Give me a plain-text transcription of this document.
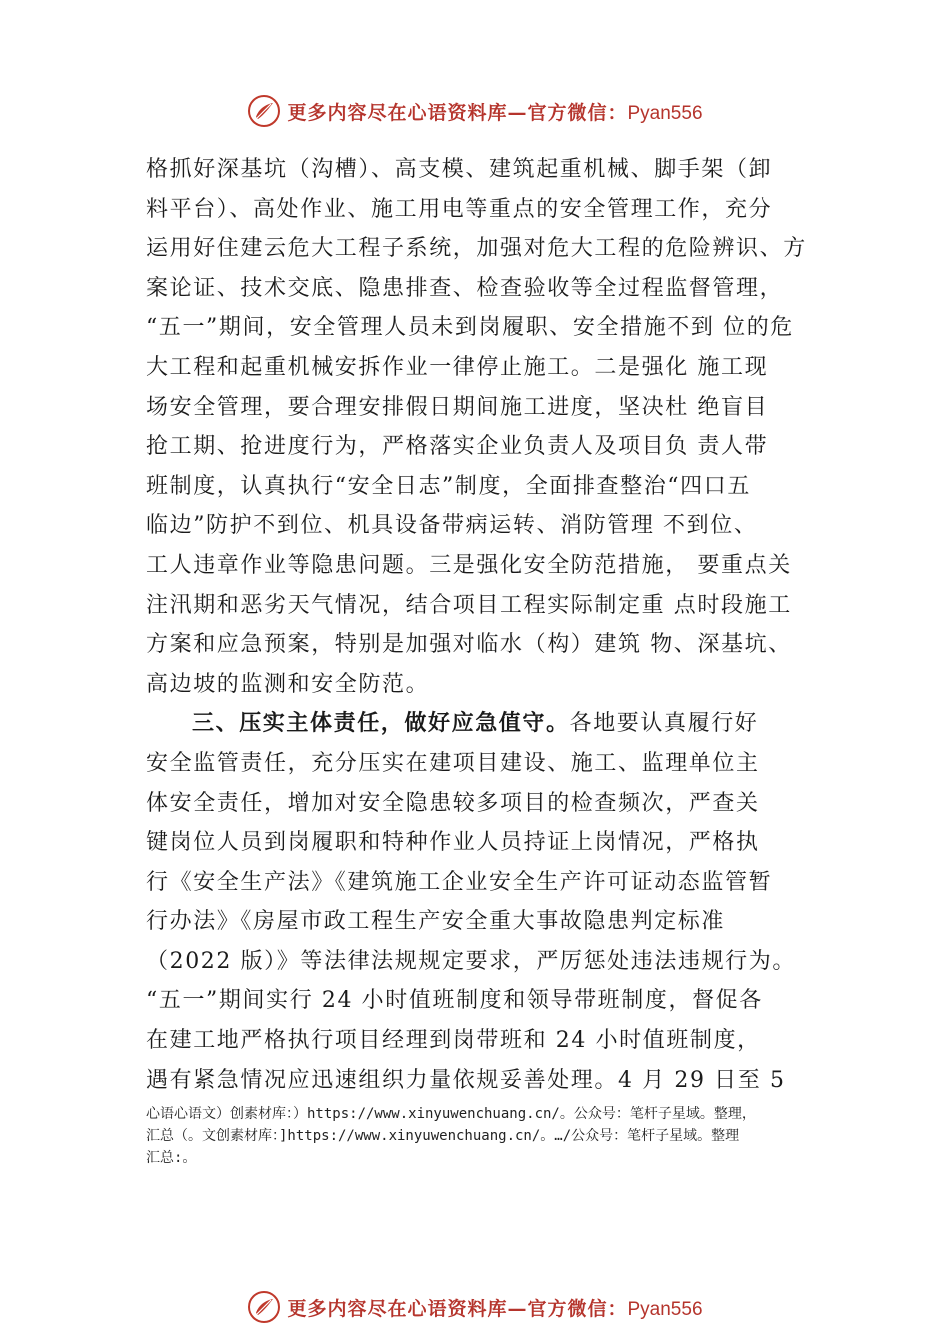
更多内容尽在心语资料库—官方微信：Pyan556
格抓好深基坑（沟槽）、高支模、建筑起重机械、脚手架（卸
料平台）、高处作业、施工用电等重点的安全管理工作，充分
运用好住建云危大工程子系统，加强对危大工程的危险辨识、方
案论证、技术交底、隐患排查、检查验收等全过程监督管理，
“五一”期间，安全管理人员未到岗履职、安全措施不到 位的危
大工程和起重机械安拆作业一律停止施工。二是强化 施工现
场安全管理，要合理安排假日期间施工进度，坚决杜 绝盲目
抢工期、抢进度行为，严格落实企业负责人及项目负 责人带
班制度，认真执行“安全日志”制度，全面排查整治“四口五
临边”防护不到位、机具设备带病运转、消防管理 不到位、
工人违章作业等隐患问题。三是强化安全防范措施， 要重点关
注汛期和恶劣天气情况，结合项目工程实际制定重 点时段施工
方案和应急预案，特别是加强对临水（构）建筑 物、深基坑、
高边坡的监测和安全防范。
三、压实主体责任，做好应急值守。各地要认真履行好
安全监管责任，充分压实在建项目建设、施工、监理单位主
体安全责任，增加对安全隐患较多项目的检查频次，严查关
键岗位人员到岗履职和特种作业人员持证上岗情况，严格执
行《安全生产法》《建筑施工企业安全生产许可证动态监管暂
行办法》《房屋市政工程生产安全重大事故隐患判定标准
（2022 版）》等法律法规规定要求，严厉惩处违法违规行为。
“五一”期间实行 24 小时值班制度和领导带班制度，督促各
在建工地严格执行项目经理到岗带班和 24 小时值班制度，
遇有紧急情况应迅速组织力量依规妥善处理。4 月 29 日至 5
心语心语文）创素材库：）https://www.xinyuwenchuang.cn/。公众号：笔杆子星域。整理，
汇总（。文创素材库：]https://www.xinyuwenchuang.cn/。…/公众号：笔杆子星域。整理
汇总:。
更多内容尽在心语资料库—官方微信：Pyan556
